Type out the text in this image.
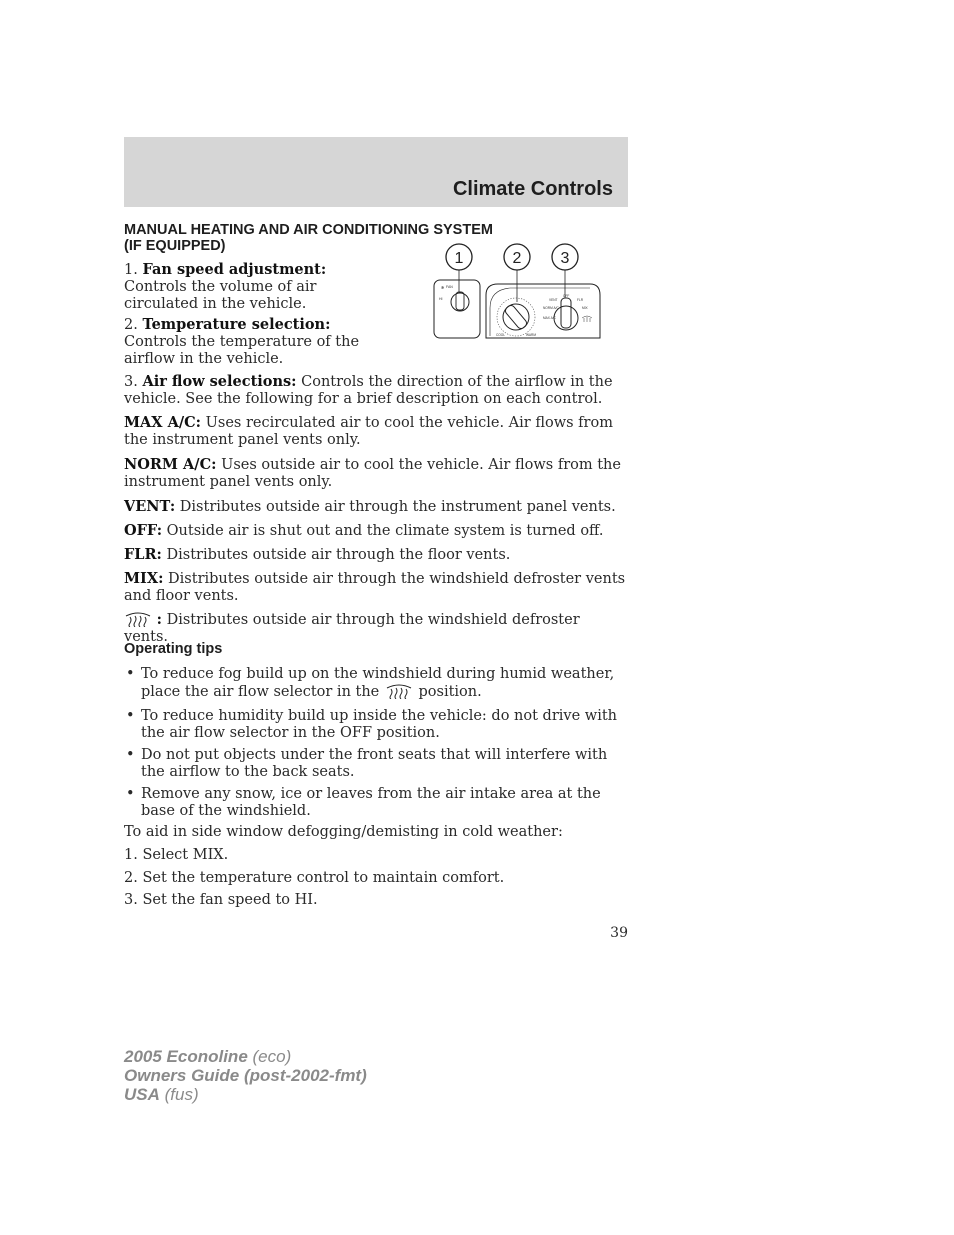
Climate Controls
MANUAL HEATING AND AIR CONDITIONING SYSTEM
(IF EQUIPPED)
1	2 3
✻ FAN
HI
COOL	WARM
VENT
OFF
FLR
NORM A/C
MAX A/C
MIX

1. Fan speed adjustment: Controls the volume of air circulated in the vehicle.

2. Temperature selection: Controls the temperature of the airflow in the vehicle.

3. Air flow selections: Controls the direction of the airflow in the vehicle. See the following for a brief description on each control.

MAX A/C: Uses recirculated air to cool the vehicle. Air flows from the instrument panel vents only.

NORM A/C: Uses outside air to cool the vehicle. Air flows from the instrument panel vents only.

VENT: Distributes outside air through the instrument panel vents.

OFF: Outside air is shut out and the climate system is turned off.

FLR: Distributes outside air through the floor vents.

MIX: Distributes outside air through the windshield defroster vents and floor vents.

: Distributes outside air through the windshield defroster vents.

Operating tips
• To reduce fog build up on the windshield during humid weather, place the air flow selector in the	position.
• To reduce humidity build up inside the vehicle: do not drive with the air flow selector in the OFF position.
• Do not put objects under the front seats that will interfere with the airflow to the back seats.
• Remove any snow, ice or leaves from the air intake area at the base of the windshield.

To aid in side window defogging/demisting in cold weather:

1. Select MIX.

2. Set the temperature control to maintain comfort.

3. Set the fan speed to HI.

39
2005 Econoline (eco)
Owners Guide (post-2002-fmt)
USA (fus)
